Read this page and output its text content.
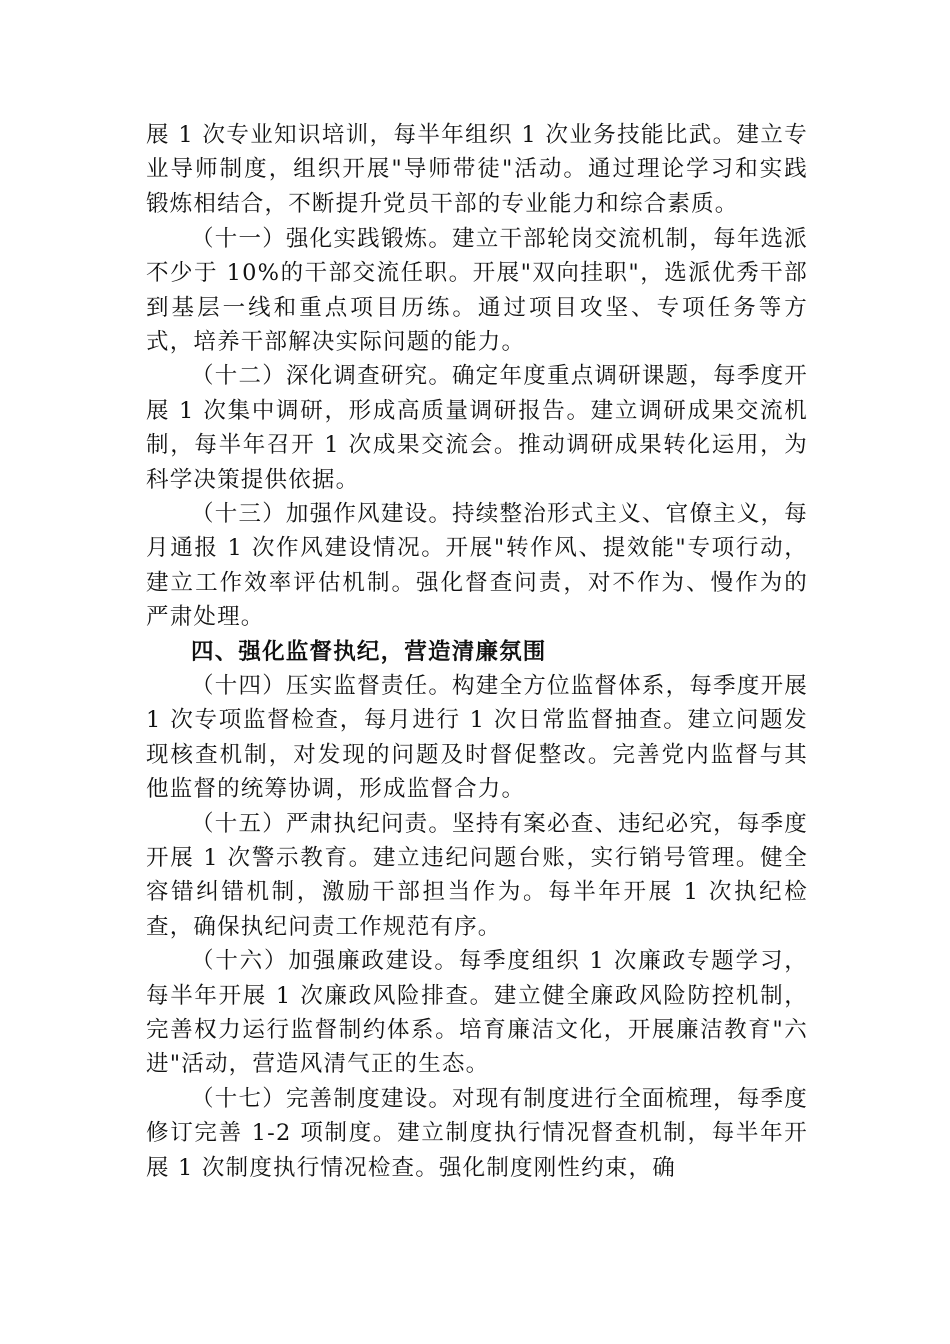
展 1 次专业知识培训，每半年组织 1 次业务技能比武。建立专业导师制度，组织开展"导师带徒"活动。通过理论学习和实践锻炼相结合，不断提升党员干部的专业能力和综合素质。

（十一）强化实践锻炼。建立干部轮岗交流机制，每年选派不少于 10%的干部交流任职。开展"双向挂职"，选派优秀干部到基层一线和重点项目历练。通过项目攻坚、专项任务等方式，培养干部解决实际问题的能力。

（十二）深化调查研究。确定年度重点调研课题，每季度开展 1 次集中调研，形成高质量调研报告。建立调研成果交流机制，每半年召开 1 次成果交流会。推动调研成果转化运用，为科学决策提供依据。

（十三）加强作风建设。持续整治形式主义、官僚主义，每月通报 1 次作风建设情况。开展"转作风、提效能"专项行动，建立工作效率评估机制。强化督查问责，对不作为、慢作为的严肃处理。

四、强化监督执纪，营造清廉氛围

（十四）压实监督责任。构建全方位监督体系，每季度开展 1 次专项监督检查，每月进行 1 次日常监督抽查。建立问题发现核查机制，对发现的问题及时督促整改。完善党内监督与其他监督的统筹协调，形成监督合力。

（十五）严肃执纪问责。坚持有案必查、违纪必究，每季度开展 1 次警示教育。建立违纪问题台账，实行销号管理。健全容错纠错机制，激励干部担当作为。每半年开展 1 次执纪检查，确保执纪问责工作规范有序。

（十六）加强廉政建设。每季度组织 1 次廉政专题学习，每半年开展 1 次廉政风险排查。建立健全廉政风险防控机制，完善权力运行监督制约体系。培育廉洁文化，开展廉洁教育"六进"活动，营造风清气正的生态。

（十七）完善制度建设。对现有制度进行全面梳理，每季度修订完善 1-2 项制度。建立制度执行情况督查机制，每半年开展 1 次制度执行情况检查。强化制度刚性约束，确
